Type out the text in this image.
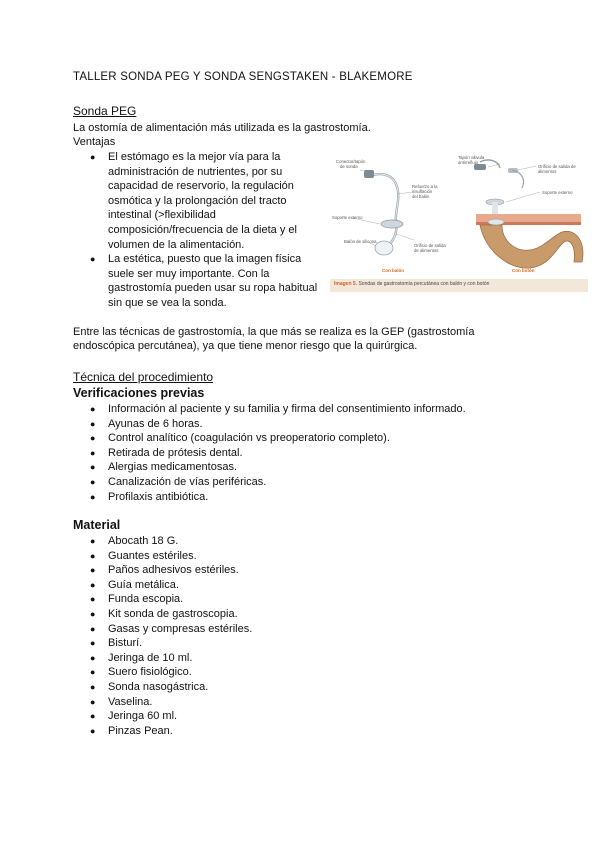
TALLER SONDA PEG Y SONDA SENGSTAKEN - BLAKEMORE
Sonda PEG
La ostomía de alimentación más utilizada es la gastrostomía.
Ventajas
● El estómago es la mejor vía para la
administración de nutrientes, por su
capacidad de reservorio, la regulación
osmótica y la prolongación del tracto
intestinal (>flexibilidad
composición/frecuencia de la dieta y el
volumen de la alimentación.
● La estética, puesto que la imagen física
suele ser muy importante. Con la
gastrostomía pueden usar su ropa habitual
sin que se vea la sonda.
Conector/tapón de sonda
Refuerzo a la insuflación del balón
Soporte externo
Balón de silicona
Orificio de salida de alimentos
Tapón válvula antirreflujo
Orificio de salida de alimentos
Soporte externo
Con balón	Con botón
Imagen 5. Sondas de gastrostomía percutánea con balón y con botón
Entre las técnicas de gastrostomía, la que más se realiza es la GEP (gastrostomía
endoscópica percutánea), ya que tiene menor riesgo que la quirúrgica.
Técnica del procedimiento
Verificaciones previas
● Información al paciente y su familia y firma del consentimiento informado.
● Ayunas de 6 horas.
● Control analítico (coagulación vs preoperatorio completo).
● Retirada de prótesis dental.
● Alergias medicamentosas.
● Canalización de vías periféricas.
● Profilaxis antibiótica.
Material
● Abocath 18 G.
● Guantes estériles.
● Paños adhesivos estériles.
● Guía metálica.
● Funda escopia.
● Kit sonda de gastroscopia.
● Gasas y compresas estériles.
● Bisturí.
● Jeringa de 10 ml.
● Suero fisiológico.
● Sonda nasogástrica.
● Vaselina.
● Jeringa 60 ml.
● Pinzas Pean.
